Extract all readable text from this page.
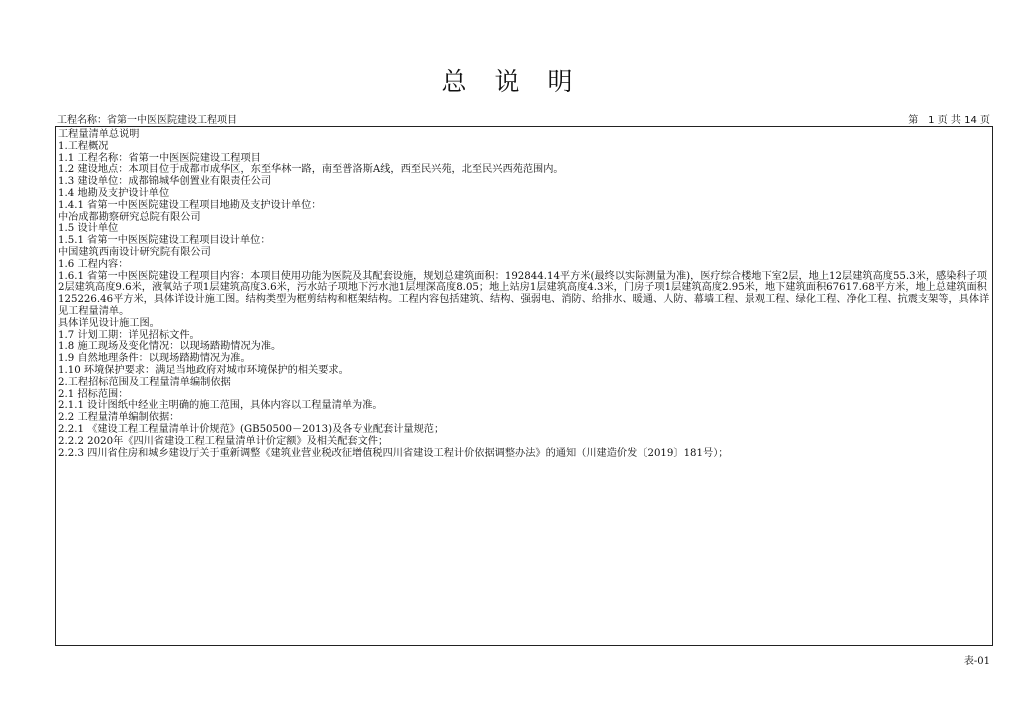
总 说 明
工程名称：省第一中医医院建设工程项目	第　1 页 共 14 页
工程量清单总说明
1.工程概况
1.1 工程名称：省第一中医医院建设工程项目
1.2 建设地点：本项目位于成都市成华区，东至华林一路，南至普洛斯A线，西至民兴苑，北至民兴西苑范围内。
1.3 建设单位：成都锦城华创置业有限责任公司
1.4 地勘及支护设计单位
1.4.1 省第一中医医院建设工程项目地勘及支护设计单位：
中冶成都勘察研究总院有限公司
1.5 设计单位
1.5.1 省第一中医医院建设工程项目设计单位：
中国建筑西南设计研究院有限公司
1.6 工程内容：
1.6.1 省第一中医医院建设工程项目内容：本项目使用功能为医院及其配套设施，规划总建筑面积：192844.14平方米(最终以实际测量为准)，医疗综合楼地下室2层，地上12层建筑高度55.3米，感染科子项2层建筑高度9.6米，液氧站子项1层建筑高度3.6米，污水站子项地下污水池1层埋深高度8.05；地上站房1层建筑高度4.3米，门房子项1层建筑高度2.95米，地下建筑面积67617.68平方米，地上总建筑面积125226.46平方米，具体详设计施工图。结构类型为框剪结构和框架结构。工程内容包括建筑、结构、强弱电、消防、给排水、暖通、人防、幕墙工程、景观工程、绿化工程、净化工程、抗震支架等，具体详见工程量清单。
具体详见设计施工图。
1.7 计划工期：详见招标文件。
1.8 施工现场及变化情况：以现场踏勘情况为准。
1.9 自然地理条件：以现场踏勘情况为准。
1.10 环境保护要求：满足当地政府对城市环境保护的相关要求。
2.工程招标范围及工程量清单编制依据
2.1 招标范围：
2.1.1 设计图纸中经业主明确的施工范围，具体内容以工程量清单为准。
2.2 工程量清单编制依据：
2.2.1 《建设工程工程量清单计价规范》(GB50500－2013)及各专业配套计量规范；
2.2.2 2020年《四川省建设工程工程量清单计价定额》及相关配套文件；
2.2.3 四川省住房和城乡建设厅关于重新调整《建筑业营业税改征增值税四川省建设工程计价依据调整办法》的通知（川建造价发〔2019〕181号）；
表-01
